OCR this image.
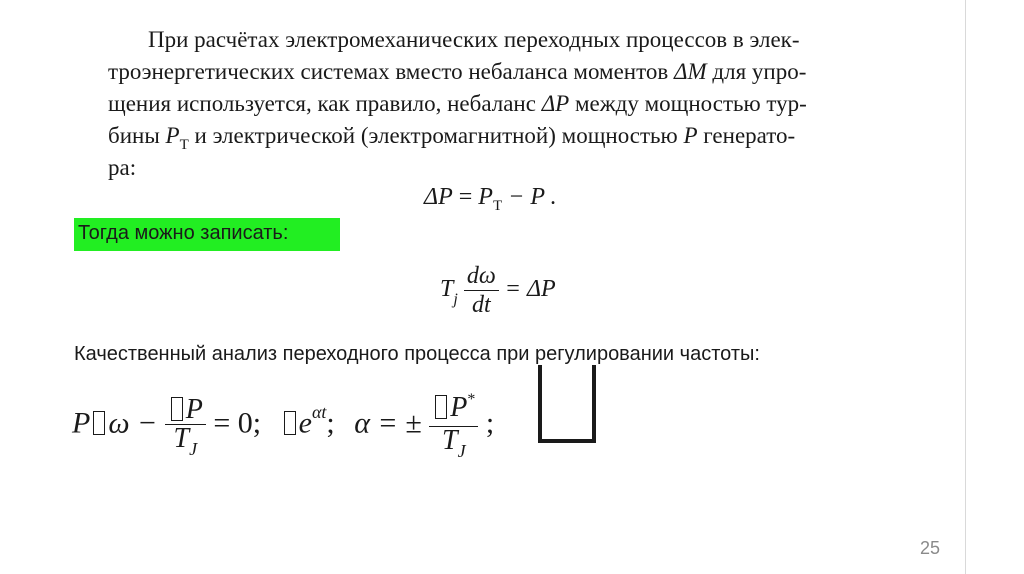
При расчётах электромеханических переходных процессов в элек-
троэнергетических системах вместо небаланса моментов ΔM для упро-
щения используется, как правило, небаланс ΔP между мощностью тур-
бины $P_T$ и электрической (электромагнитной) мощностью P генерато-
ра:
$\Delta P = P_T - P$ .
Тогда можно записать:
$T_j \frac{d\omega}{dt} = \Delta P$
Качественный анализ переходного процесса при регулировании частоты:
P $\omega - \frac{P}{T_J} = 0$; $e^{\alpha t}$; α = ± $\frac{P^*}{T_J}$ ;
25
